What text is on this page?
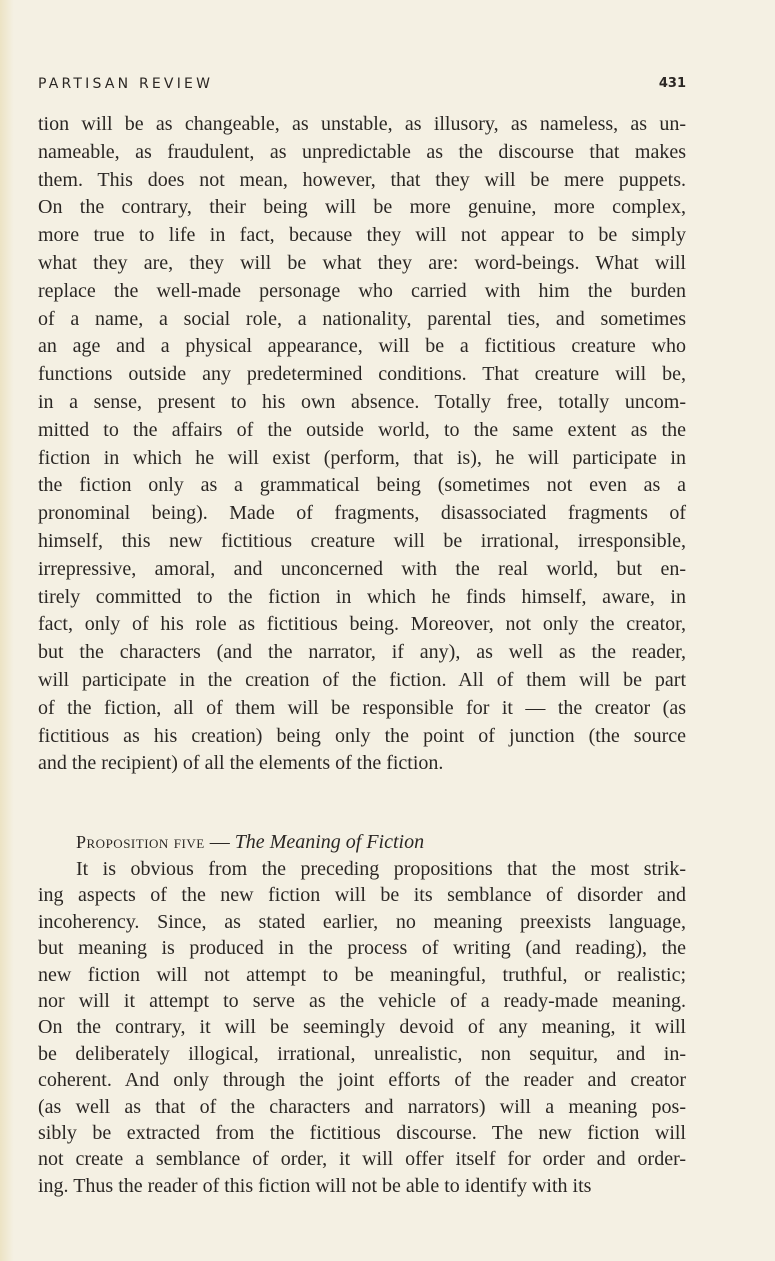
PARTISAN REVIEW	431
tion will be as changeable, as unstable, as illusory, as nameless, as un-
nameable, as fraudulent, as unpredictable as the discourse that makes
them. This does not mean, however, that they will be mere puppets.
On the contrary, their being will be more genuine, more complex,
more true to life in fact, because they will not appear to be simply
what they are, they will be what they are: word-beings. What will
replace the well-made personage who carried with him the burden
of a name, a social role, a nationality, parental ties, and sometimes
an age and a physical appearance, will be a fictitious creature who
functions outside any predetermined conditions. That creature will be,
in a sense, present to his own absence. Totally free, totally uncom-
mitted to the affairs of the outside world, to the same extent as the
fiction in which he will exist (perform, that is), he will participate in
the fiction only as a grammatical being (sometimes not even as a
pronominal being). Made of fragments, disassociated fragments of
himself, this new fictitious creature will be irrational, irresponsible,
irrepressive, amoral, and unconcerned with the real world, but en-
tirely committed to the fiction in which he finds himself, aware, in
fact, only of his role as fictitious being. Moreover, not only the creator,
but the characters (and the narrator, if any), as well as the reader,
will participate in the creation of the fiction. All of them will be part
of the fiction, all of them will be responsible for it — the creator (as
fictitious as his creation) being only the point of junction (the source
and the recipient) of all the elements of the fiction.
Proposition five — The Meaning of Fiction
It is obvious from the preceding propositions that the most strik-
ing aspects of the new fiction will be its semblance of disorder and
incoherency. Since, as stated earlier, no meaning preexists language,
but meaning is produced in the process of writing (and reading), the
new fiction will not attempt to be meaningful, truthful, or realistic;
nor will it attempt to serve as the vehicle of a ready-made meaning.
On the contrary, it will be seemingly devoid of any meaning, it will
be deliberately illogical, irrational, unrealistic, non sequitur, and in-
coherent. And only through the joint efforts of the reader and creator
(as well as that of the characters and narrators) will a meaning pos-
sibly be extracted from the fictitious discourse. The new fiction will
not create a semblance of order, it will offer itself for order and order-
ing. Thus the reader of this fiction will not be able to identify with its
